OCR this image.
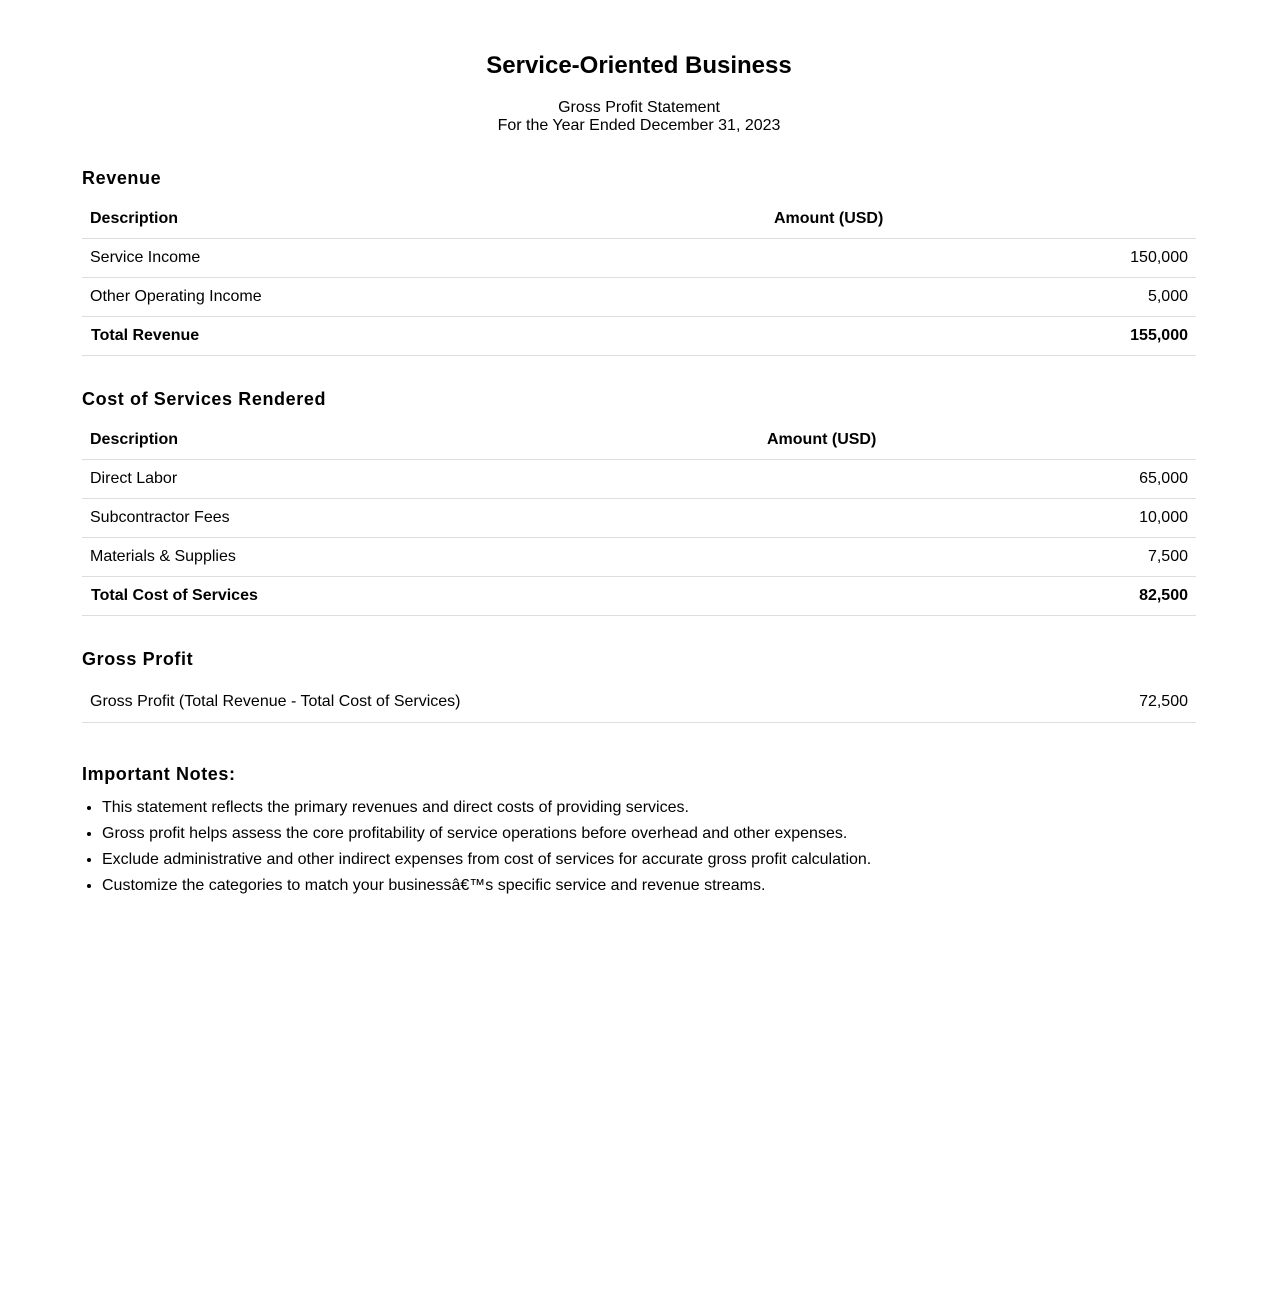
Service-Oriented Business
Gross Profit Statement
For the Year Ended December 31, 2023
Revenue
Description	Amount (USD)
Service Income	150,000
Other Operating Income	5,000
Total Revenue	155,000
Cost of Services Rendered
Description	Amount (USD)
Direct Labor	65,000
Subcontractor Fees	10,000
Materials & Supplies	7,500
Total Cost of Services	82,500
Gross Profit
Gross Profit (Total Revenue - Total Cost of Services)	72,500
Important Notes:
• This statement reflects the primary revenues and direct costs of providing services.
• Gross profit helps assess the core profitability of service operations before overhead and other expenses.
• Exclude administrative and other indirect expenses from cost of services for accurate gross profit calculation.
• Customize the categories to match your businessâ€™s specific service and revenue streams.
